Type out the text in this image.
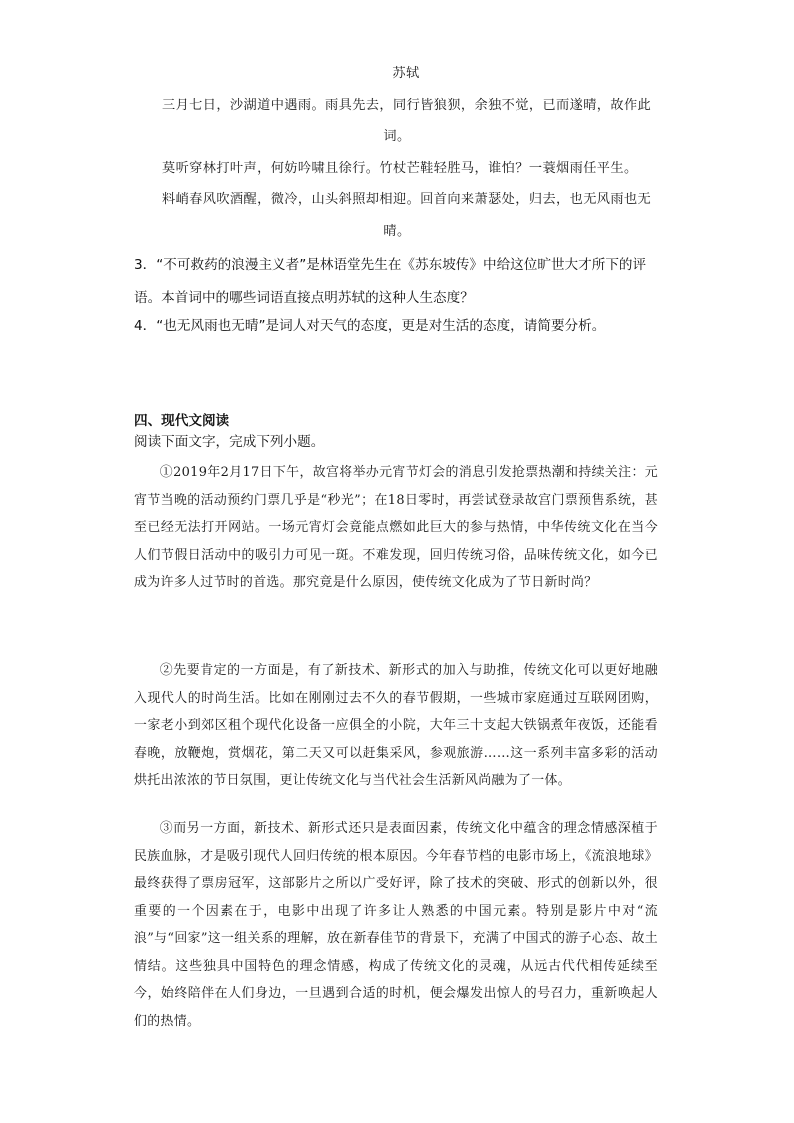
苏轼
三月七日，沙湖道中遇雨。雨具先去，同行皆狼狈，余独不觉，已而遂晴，故作此
词。
莫听穿林打叶声，何妨吟啸且徐行。竹杖芒鞋轻胜马，谁怕？一蓑烟雨任平生。
料峭春风吹酒醒，微冷，山头斜照却相迎。回首向来萧瑟处，归去，也无风雨也无
晴。
3．“不可救药的浪漫主义者”是林语堂先生在《苏东坡传》中给这位旷世大才所下的评
语。本首词中的哪些词语直接点明苏轼的这种人生态度？
4．“也无风雨也无晴”是词人对天气的态度，更是对生活的态度，请简要分析。
四、现代文阅读
阅读下面文字，完成下列小题。

①2019年2月17日下午，故宫将举办元宵节灯会的消息引发抢票热潮和持续关注：元宵节当晚的活动预约门票几乎是“秒光”；在18日零时，再尝试登录故宫门票预售系统，甚至已经无法打开网站。一场元宵灯会竟能点燃如此巨大的参与热情，中华传统文化在当今人们节假日活动中的吸引力可见一斑。不难发现，回归传统习俗，品味传统文化，如今已成为许多人过节时的首选。那究竟是什么原因，使传统文化成为了节日新时尚？

②先要肯定的一方面是，有了新技术、新形式的加入与助推，传统文化可以更好地融入现代人的时尚生活。比如在刚刚过去不久的春节假期，一些城市家庭通过互联网团购，一家老小到郊区租个现代化设备一应俱全的小院，大年三十支起大铁锅煮年夜饭，还能看春晚，放鞭炮，赏烟花，第二天又可以赶集采风，参观旅游……这一系列丰富多彩的活动烘托出浓浓的节日氛围，更让传统文化与当代社会生活新风尚融为了一体。

③而另一方面，新技术、新形式还只是表面因素，传统文化中蕴含的理念情感深植于民族血脉，才是吸引现代人回归传统的根本原因。今年春节档的电影市场上，《流浪地球》最终获得了票房冠军，这部影片之所以广受好评，除了技术的突破、形式的创新以外，很重要的一个因素在于，电影中出现了许多让人熟悉的中国元素。特别是影片中对“流浪”与“回家”这一组关系的理解，放在新春佳节的背景下，充满了中国式的游子心态、故土情结。这些独具中国特色的理念情感，构成了传统文化的灵魂，从远古代代相传延续至今，始终陪伴在人们身边，一旦遇到合适的时机，便会爆发出惊人的号召力，重新唤起人们的热情。
